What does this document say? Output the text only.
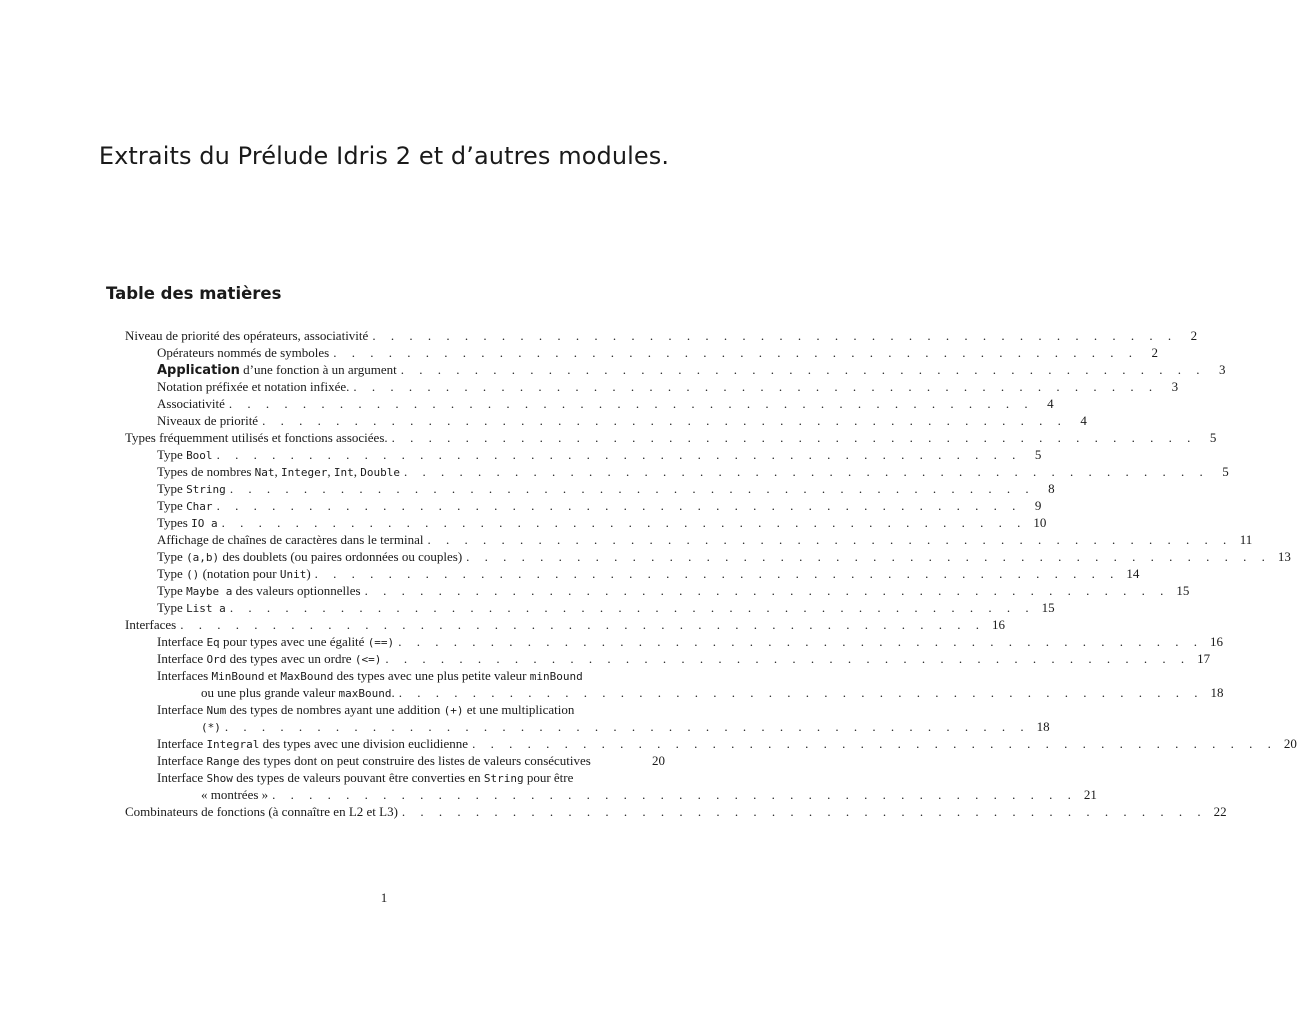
Extraits du Prélude Idris 2 et d’autres modules.
Table des matières
Niveau de priorité des opérateurs, associativité . . . . . . . . . . . . . . . . . . . . . . . . . . . . . . . . . . . . . . . . . . . .	2
Opérateurs nommés de symboles . . . . . . . . . . . . . . . . . . . . . . . . . . . . . . . . . . . . . . . . . . . .	2
Application d’une fonction à un argument . . . . . . . . . . . . . . . . . . . . . . . . . . . . . . . . . . . . . . . . . . . .	3
Notation préfixée et notation infixée. . . . . . . . . . . . . . . . . . . . . . . . . . . . . . . . . . . . . . . . . . . . .	3
Associativité . . . . . . . . . . . . . . . . . . . . . . . . . . . . . . . . . . . . . . . . . . . .	4
Niveaux de priorité . . . . . . . . . . . . . . . . . . . . . . . . . . . . . . . . . . . . . . . . . . . .	4
Types fréquemment utilisés et fonctions associées. . . . . . . . . . . . . . . . . . . . . . . . . . . . . . . . . . . . . . . . . . . . .	5
Type Bool . . . . . . . . . . . . . . . . . . . . . . . . . . . . . . . . . . . . . . . . . . . .	5
Types de nombres Nat, Integer, Int, Double . . . . . . . . . . . . . . . . . . . . . . . . . . . . . . . . . . . . . . . . . . . .	5
Type String . . . . . . . . . . . . . . . . . . . . . . . . . . . . . . . . . . . . . . . . . . . .	8
Type Char . . . . . . . . . . . . . . . . . . . . . . . . . . . . . . . . . . . . . . . . . . . .	9
Types IO a . . . . . . . . . . . . . . . . . . . . . . . . . . . . . . . . . . . . . . . . . . . . 10
Affichage de chaînes de caractères dans le terminal . . . . . . . . . . . . . . . . . . . . . . . . . . . . . . . . . . . . . . . . . . . . 11
Type (a,b) des doublets (ou paires ordonnées ou couples) . . . . . . . . . . . . . . . . . . . . . . . . . . . . . . . . . . . . . . . . . . . . 13
Type () (notation pour Unit) . . . . . . . . . . . . . . . . . . . . . . . . . . . . . . . . . . . . . . . . . . . . 14
Type Maybe a des valeurs optionnelles . . . . . . . . . . . . . . . . . . . . . . . . . . . . . . . . . . . . . . . . . . . . 15
Type List a . . . . . . . . . . . . . . . . . . . . . . . . . . . . . . . . . . . . . . . . . . . . 15
Interfaces . . . . . . . . . . . . . . . . . . . . . . . . . . . . . . . . . . . . . . . . . . . . 16
Interface Eq pour types avec une égalité (==) . . . . . . . . . . . . . . . . . . . . . . . . . . . . . . . . . . . . . . . . . . . . 16
Interface Ord des types avec un ordre (<=) . . . . . . . . . . . . . . . . . . . . . . . . . . . . . . . . . . . . . . . . . . . . 17
Interfaces MinBound et MaxBound des types avec une plus petite valeur minBound
ou une plus grande valeur maxBound. . . . . . . . . . . . . . . . . . . . . . . . . . . . . . . . . . . . . . . . . . . . . 18
Interface Num des types de nombres ayant une addition (+) et une multiplication
(*) . . . . . . . . . . . . . . . . . . . . . . . . . . . . . . . . . . . . . . . . . . . . 18
Interface Integral des types avec une division euclidienne . . . . . . . . . . . . . . . . . . . . . . . . . . . . . . . . . . . . . . . . . . . . 20
Interface Range des types dont on peut construire des listes de valeurs consécutives	20
Interface Show des types de valeurs pouvant être converties en String pour être
« montrées » . . . . . . . . . . . . . . . . . . . . . . . . . . . . . . . . . . . . . . . . . . . . 21
Combinateurs de fonctions (à connaître en L2 et L3) . . . . . . . . . . . . . . . . . . . . . . . . . . . . . . . . . . . . . . . . . . . . 22
1
